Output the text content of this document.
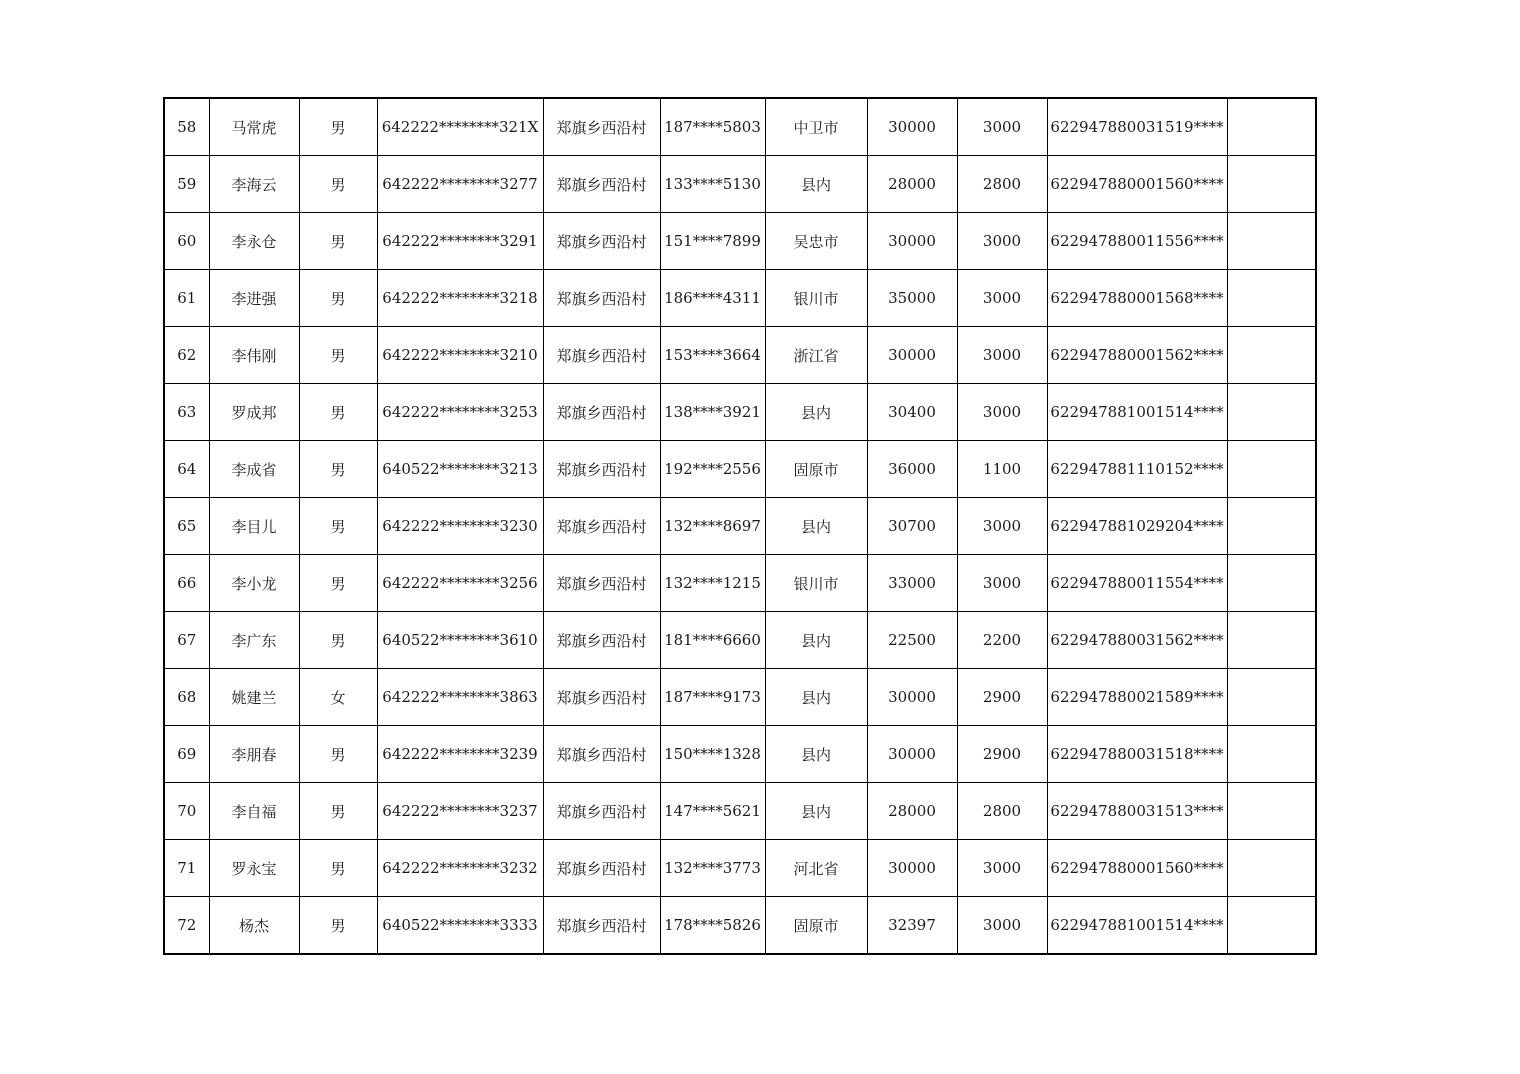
58	马常虎	男	642222********321X	郑旗乡西沿村	187****5803	中卫市	30000	3000	622947880031519****	
59	李海云	男	642222********3277	郑旗乡西沿村	133****5130	县内	28000	2800	622947880001560****	
60	李永仓	男	642222********3291	郑旗乡西沿村	151****7899	吴忠市	30000	3000	622947880011556****	
61	李进强	男	642222********3218	郑旗乡西沿村	186****4311	银川市	35000	3000	622947880001568****	
62	李伟刚	男	642222********3210	郑旗乡西沿村	153****3664	浙江省	30000	3000	622947880001562****	
63	罗成邦	男	642222********3253	郑旗乡西沿村	138****3921	县内	30400	3000	622947881001514****	
64	李成省	男	640522********3213	郑旗乡西沿村	192****2556	固原市	36000	1100	622947881110152****	
65	李目儿	男	642222********3230	郑旗乡西沿村	132****8697	县内	30700	3000	622947881029204****	
66	李小龙	男	642222********3256	郑旗乡西沿村	132****1215	银川市	33000	3000	622947880011554****	
67	李广东	男	640522********3610	郑旗乡西沿村	181****6660	县内	22500	2200	622947880031562****	
68	姚建兰	女	642222********3863	郑旗乡西沿村	187****9173	县内	30000	2900	622947880021589****	
69	李朋春	男	642222********3239	郑旗乡西沿村	150****1328	县内	30000	2900	622947880031518****	
70	李自福	男	642222********3237	郑旗乡西沿村	147****5621	县内	28000	2800	622947880031513****	
71	罗永宝	男	642222********3232	郑旗乡西沿村	132****3773	河北省	30000	3000	622947880001560****	
72	杨杰	男	640522********3333	郑旗乡西沿村	178****5826	固原市	32397	3000	622947881001514****	
